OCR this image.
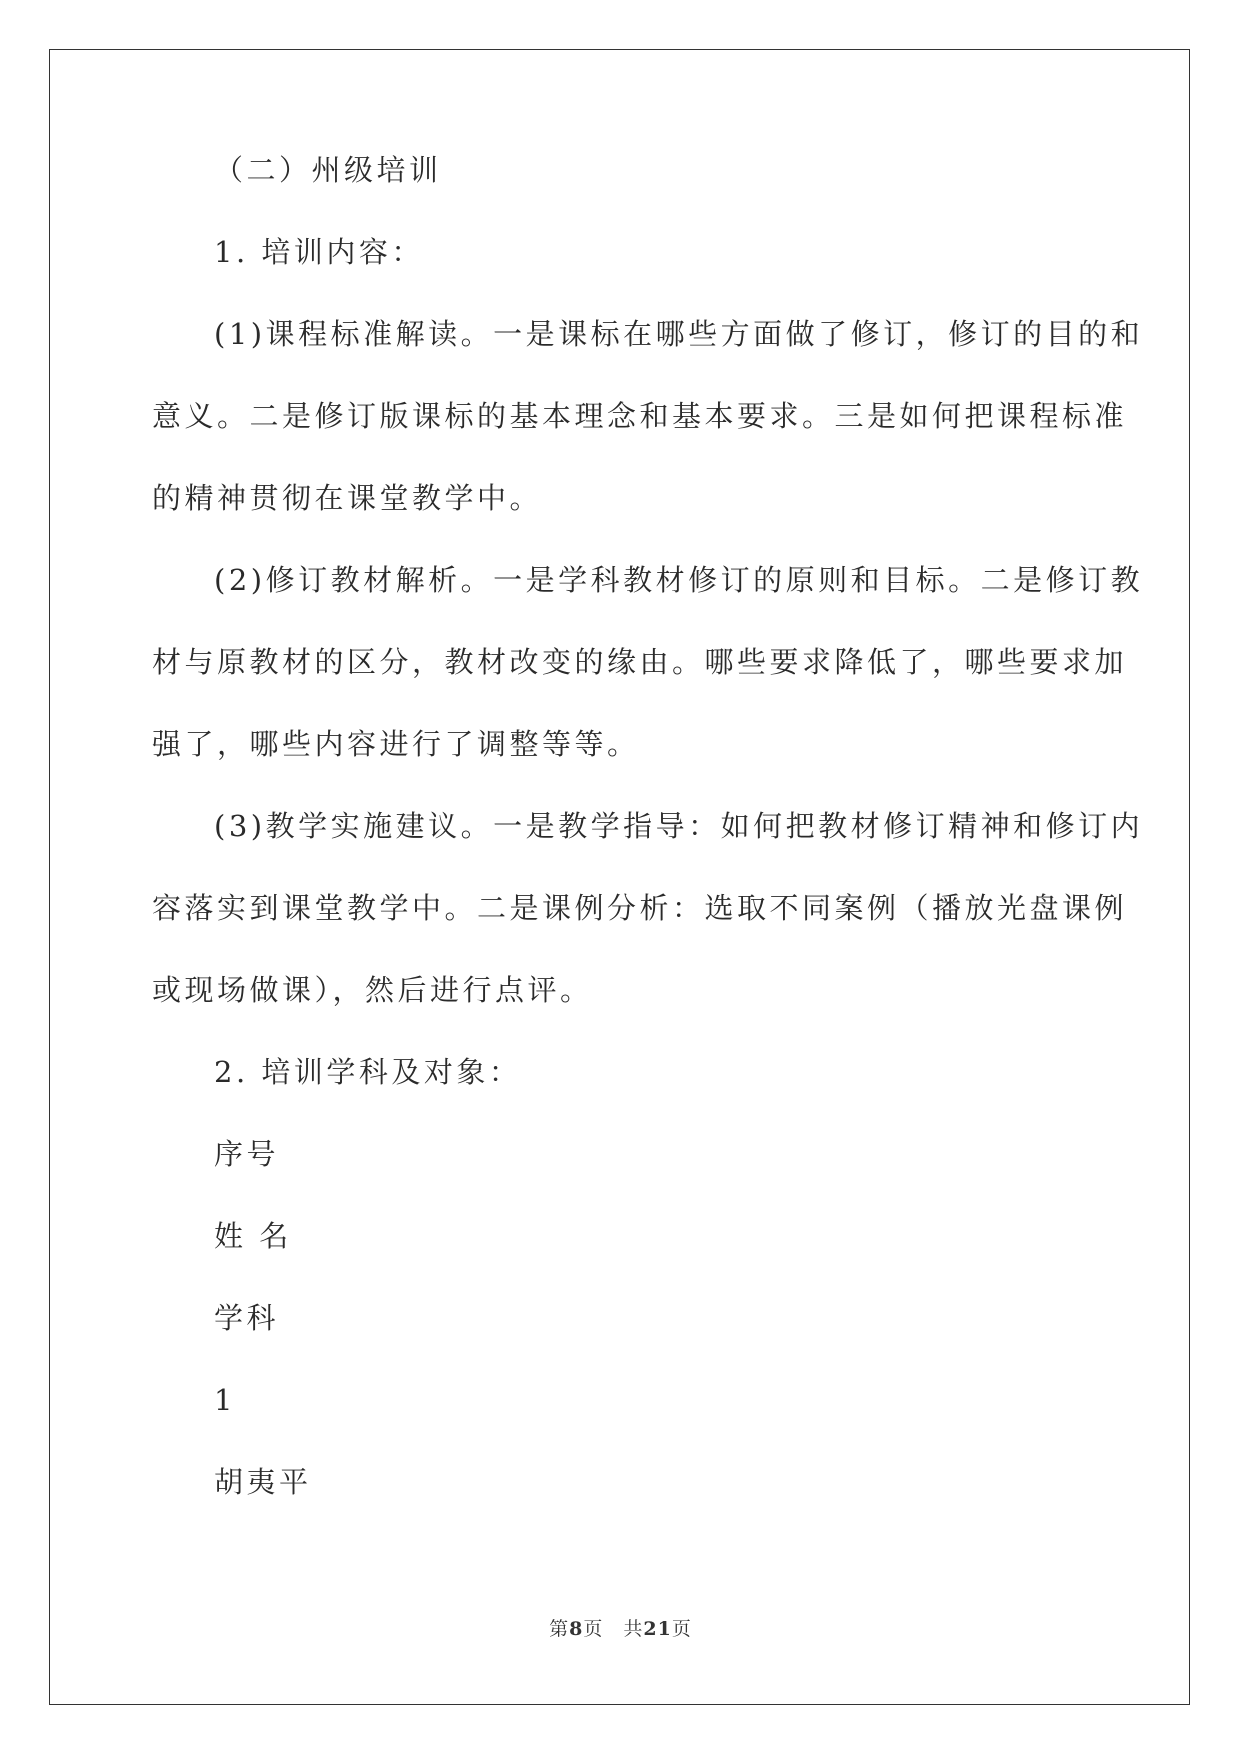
（二）州级培训

1. 培训内容：

(1)课程标准解读。一是课标在哪些方面做了修订，修订的目的和

意义。二是修订版课标的基本理念和基本要求。三是如何把课程标准

的精神贯彻在课堂教学中。

(2)修订教材解析。一是学科教材修订的原则和目标。二是修订教

材与原教材的区分，教材改变的缘由。哪些要求降低了，哪些要求加

强了，哪些内容进行了调整等等。

(3)教学实施建议。一是教学指导：如何把教材修订精神和修订内

容落实到课堂教学中。二是课例分析：选取不同案例（播放光盘课例

或现场做课），然后进行点评。

2. 培训学科及对象：

序号

姓 名

学科

1

胡夷平

第8页　共21页
